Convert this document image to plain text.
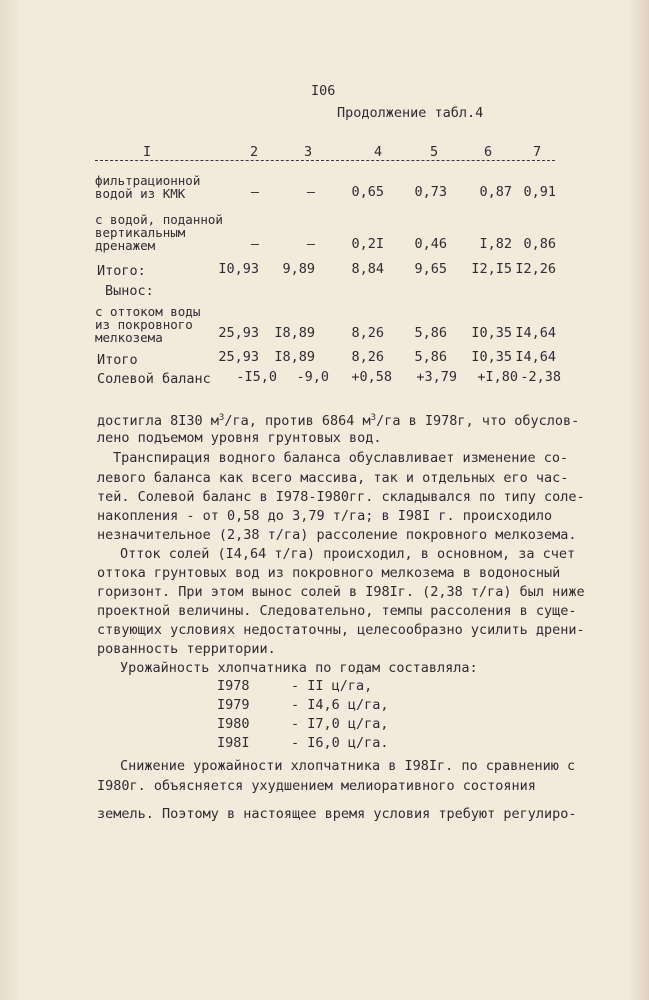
I06
Продолжение табл.4
I	2	3	4	5	6	7
фильтрационной
водой из КМК	–	–	0,65 0,73 0,87 0,91
с водой, поданной
вертикальным
дренажем	–	–	0,2I 0,46 I,82 0,86
Итого:	I0,93 9,89	8,84 9,65 I2,I5 I2,26
Вынос:
с оттоком воды
из покровного
мелкозема	25,93 I8,89	8,26 5,86 I0,35 I4,64
Итого	25,93 I8,89	8,26 5,86 I0,35 I4,64
Солевой баланс -I5,0 -9,0 +0,58 +3,79 +I,80 -2,38
достигла 8I30 $м^3/га$, против 6864 $м^3/га$ в I978г, что обуслов-
лено подъемом уровня грунтовых вод.
Транспирация водного баланса обуславливает изменение со-
левого баланса как всего массива, так и отдельных его час-
тей. Солевой баланс в I978-I980гг. складывался по типу соле-
накопления - от 0,58 до 3,79 т/га; в I98I г. происходило
незначительное (2,38 т/га) рассоление покровного мелкозема.
Отток солей (I4,64 т/га) происходил, в основном, за счет
оттока грунтовых вод из покровного мелкозема в водоносный
горизонт. При этом вынос солей в I98Iг. (2,38 т/га) был ниже
проектной величины. Следовательно, темпы рассоления в суще-
ствующих условиях недостаточны, целесообразно усилить дрени-
рованность территории.
Урожайность хлопчатника по годам составляла:
I978	- II ц/га,
I979	- I4,6 ц/га,
I980	- I7,0 ц/га,
I98I	- I6,0 ц/га.
Снижение урожайности хлопчатника в I98Iг. по сравнению с
I980г. объясняется ухудшением мелиоративного состояния
земель. Поэтому в настоящее время условия требуют регулиро-
